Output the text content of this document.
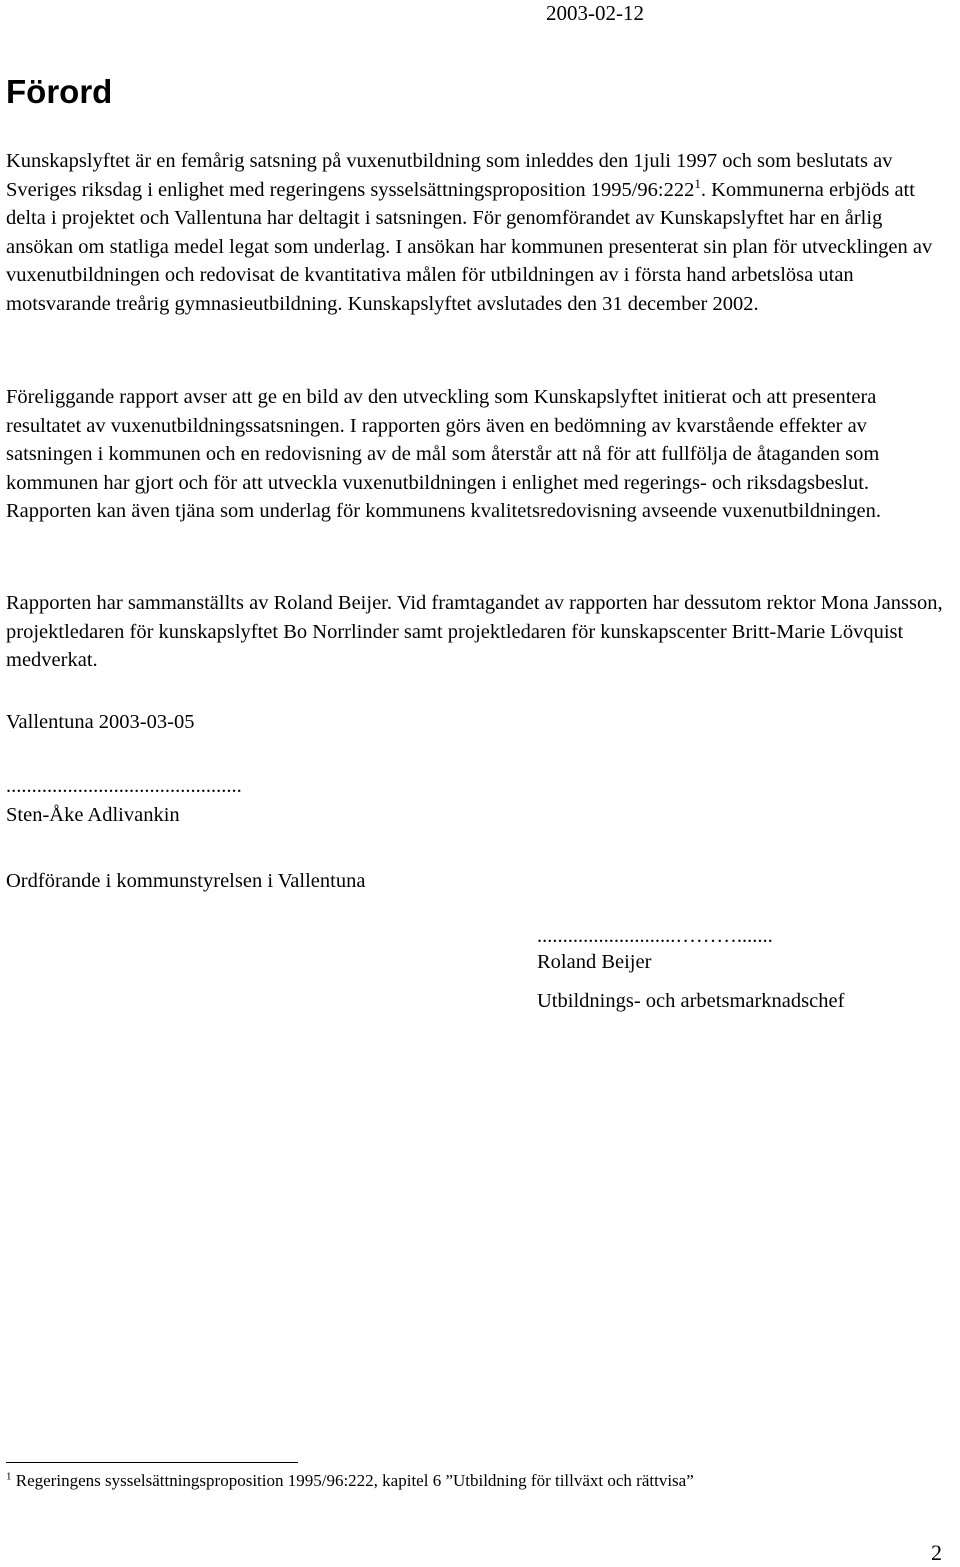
2003-02-12
Förord

Kunskapslyftet är en femårig satsning på vuxenutbildning som inleddes den 1juli 1997 och som beslutats av Sveriges riksdag i enlighet med regeringens sysselsättningsproposition $1995/96:222^1$. Kommunerna erbjöds att delta i projektet och Vallentuna har deltagit i satsningen. För genomförandet av Kunskapslyftet har en årlig ansökan om statliga medel legat som underlag. I ansökan har kommunen presenterat sin plan för utvecklingen av vuxenutbildningen och redovisat de kvantitativa målen för utbildningen av i första hand arbetslösa utan motsvarande treårig gymnasieutbildning. Kunskapslyftet avslutades den 31 december 2002.

Föreliggande rapport avser att ge en bild av den utveckling som Kunskapslyftet initierat och att presentera resultatet av vuxenutbildningssatsningen. I rapporten görs även en bedömning av kvarstående effekter av satsningen i kommunen och en redovisning av de mål som återstår att nå för att fullfölja de åtaganden som kommunen har gjort och för att utveckla vuxenutbildningen i enlighet med regerings- och riksdagsbeslut. Rapporten kan även tjäna som underlag för kommunens kvalitetsredovisning avseende vuxenutbildningen.

Rapporten har sammanställts av Roland Beijer. Vid framtagandet av rapporten har dessutom rektor Mona Jansson, projektledaren för kunskapslyftet Bo Norrlinder samt projektledaren för kunskapscenter Britt-Marie Lövquist medverkat.

Vallentuna 2003-03-05
..............................................
Sten-Åke Adlivankin
Ordförande i kommunstyrelsen i Vallentuna
...........................……….......
Roland Beijer
Utbildnings- och arbetsmarknadschef

$^1$ Regeringens sysselsättningsproposition 1995/96:222, kapitel 6 ”Utbildning för tillväxt och rättvisa”

2
